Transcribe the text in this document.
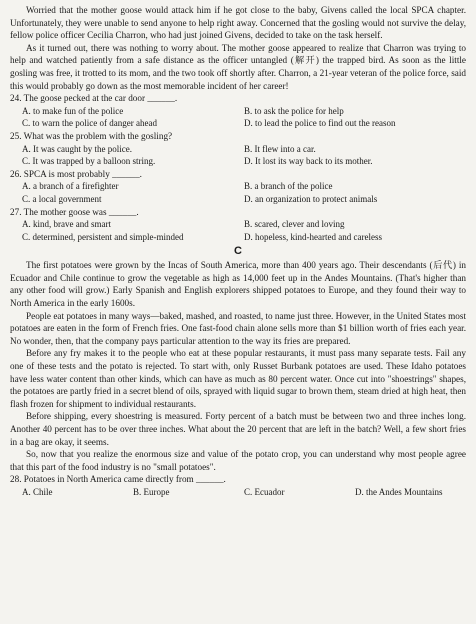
Worried that the mother goose would attack him if he got close to the baby, Givens called the local SPCA chapter. Unfortunately, they were unable to send anyone to help right away. Concerned that the gosling would not survive the delay, fellow police officer Cecilia Charron, who had just joined Givens, decided to take on the task herself.

As it turned out, there was nothing to worry about. The mother goose appeared to realize that Charron was trying to help and watched patiently from a safe distance as the officer untangled (解开) the trapped bird. As soon as the little gosling was free, it trotted to its mom, and the two took off shortly after. Charron, a 21-year veteran of the police force, said this would probably go down as the most memorable incident of her career!

24. The goose pecked at the car door ______.

A. to make fun of the police	B. to ask the police for help
C. to warn the police of danger ahead	D. to lead the police to find out the reason

25. What was the problem with the gosling?

A. It was caught by the police.	B. It flew into a car.
C. It was trapped by a balloon string.	D. It lost its way back to its mother.

26. SPCA is most probably ______.

A. a branch of a firefighter	B. a branch of the police
C. a local government	D. an organization to protect animals

27. The mother goose was ______.

A. kind, brave and smart	B. scared, clever and loving
C. determined, persistent and simple-minded	D. hopeless, kind-hearted and careless
C

The first potatoes were grown by the Incas of South America, more than 400 years ago. Their descendants (后代) in Ecuador and Chile continue to grow the vegetable as high as 14,000 feet up in the Andes Mountains. (That's higher than any other food will grow.) Early Spanish and English explorers shipped potatoes to Europe, and they found their way to North America in the early 1600s.

People eat potatoes in many ways—baked, mashed, and roasted, to name just three. However, in the United States most potatoes are eaten in the form of French fries. One fast-food chain alone sells more than $1 billion worth of fries each year. No wonder, then, that the company pays particular attention to the way its fries are prepared.

Before any fry makes it to the people who eat at these popular restaurants, it must pass many separate tests. Fail any one of these tests and the potato is rejected. To start with, only Russet Burbank potatoes are used. These Idaho potatoes have less water content than other kinds, which can have as much as 80 percent water. Once cut into "shoestrings" shapes, the potatoes are partly fried in a secret blend of oils, sprayed with liquid sugar to brown them, steam dried at high heat, then flash frozen for shipment to individual restaurants.

Before shipping, every shoestring is measured. Forty percent of a batch must be between two and three inches long. Another 40 percent has to be over three inches. What about the 20 percent that are left in the batch? Well, a few short fries in a bag are okay, it seems.

So, now that you realize the enormous size and value of the potato crop, you can understand why most people agree that this part of the food industry is no "small potatoes".

28. Potatoes in North America came directly from ______.

A. Chile	B. Europe	C. Ecuador	D. the Andes Mountains
